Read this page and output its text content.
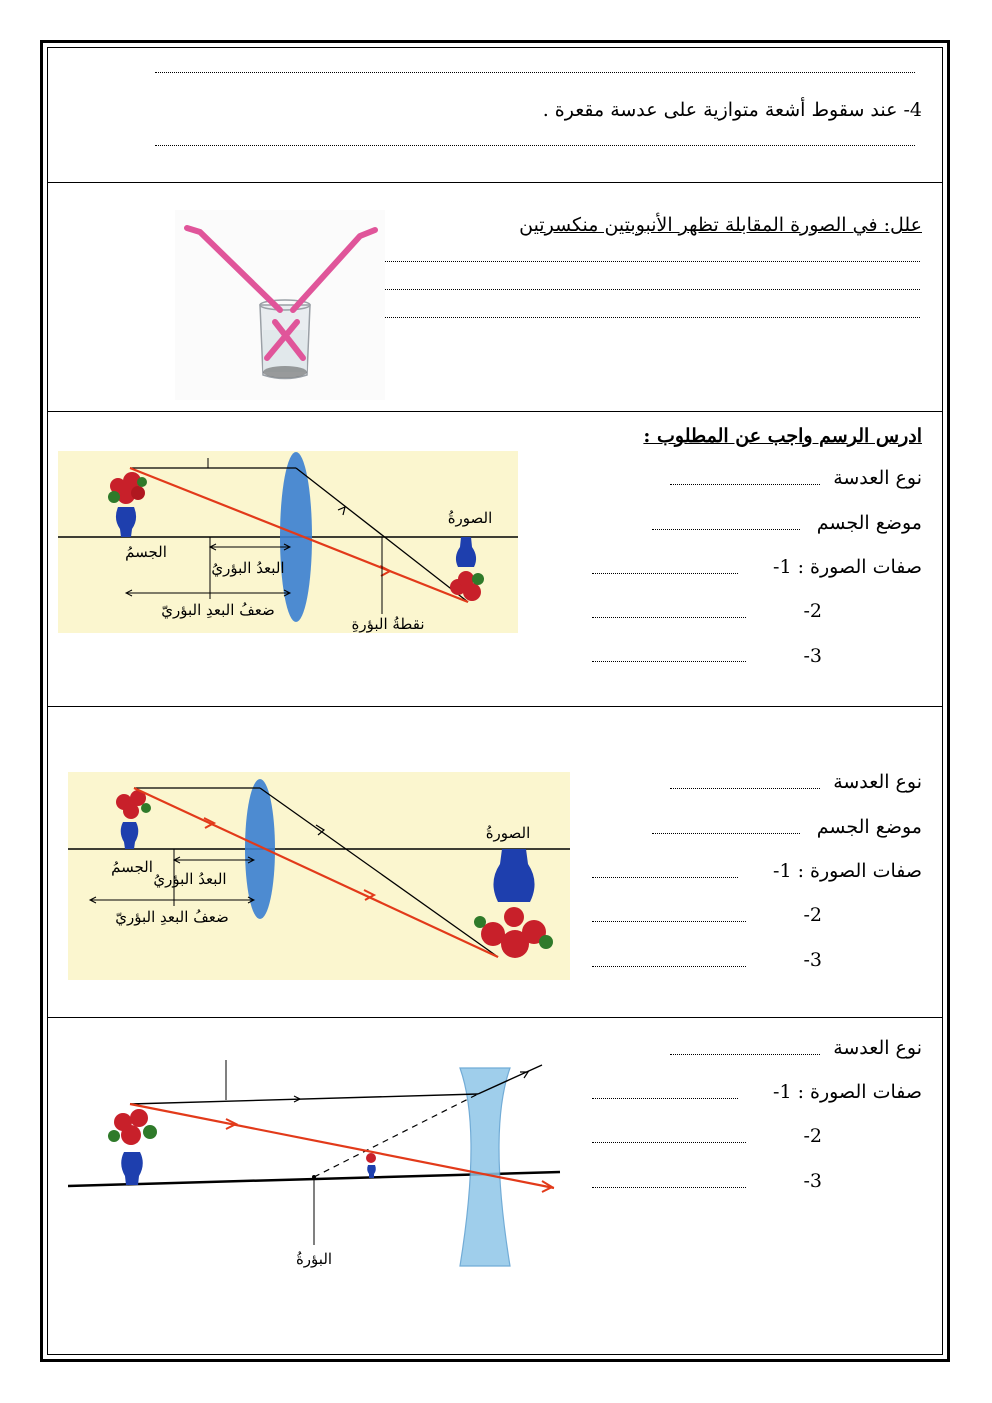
4- عند سقوط أشعة متوازية على عدسة مقعرة .
علل: في الصورة المقابلة تظهر الأنبوبتين منكسرتين
ادرس الرسم واجب عن المطلوب :
نوع العدسة
موضع الجسم
صفات الصورة : 1-
2-
3-
الجسمُ
الصورةُ
البعدُ البؤريُ
ضعفُ البعدِ البؤريّ
نقطةُ البؤرةِ
نوع العدسة
موضع الجسم
صفات الصورة : 1-
2-
3-
الجسمُ
الصورةُ
البعدُ البؤريُ
ضعفُ البعدِ البؤريّ
نوع العدسة
صفات الصورة : 1-
2-
3-
البؤرةُ
